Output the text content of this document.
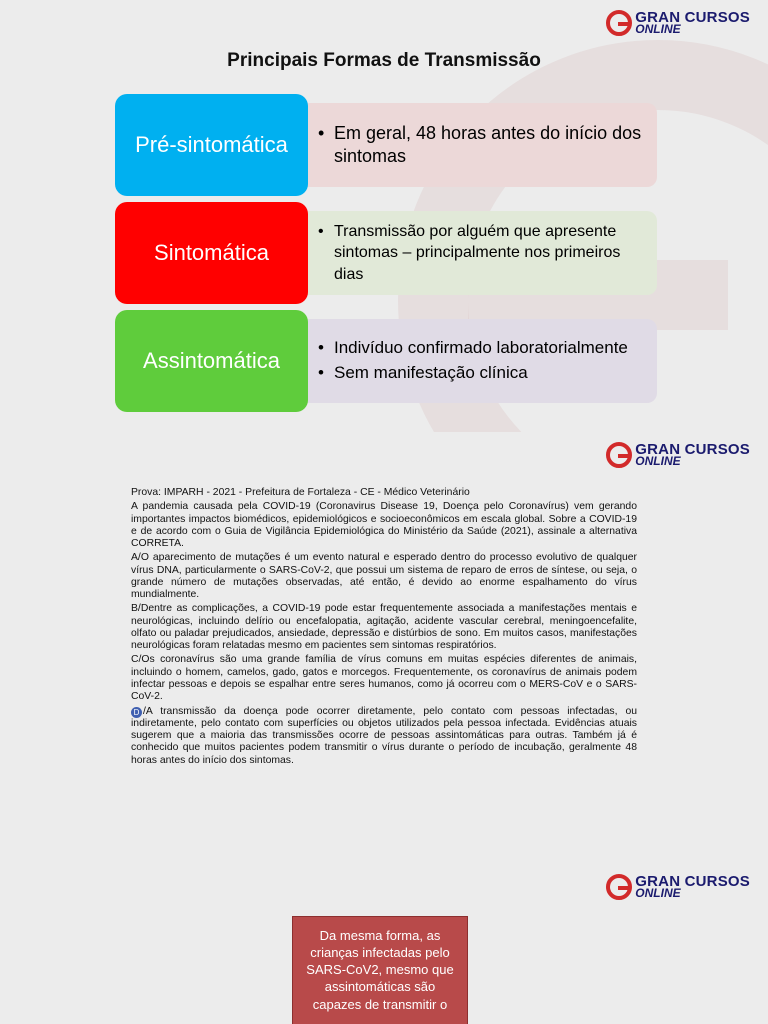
GRAN CURSOS
ONLINE
Principais Formas de Transmissão
Pré-sintomática
•	Em geral, 48 horas antes do início dos sintomas
Sintomática
• Transmissão por alguém que apresente sintomas – principalmente nos primeiros dias
Assintomática
• Indivíduo confirmado laboratorialmente
• Sem manifestação clínica
GRAN CURSOS
ONLINE

Prova: IMPARH - 2021 - Prefeitura de Fortaleza - CE - Médico Veterinário

A pandemia causada pela COVID-19 (Coronavirus Disease 19, Doença pelo Coronavírus) vem gerando importantes impactos biomédicos, epidemiológicos e socioeconômicos em escala global. Sobre a COVID-19 e de acordo com o Guia de Vigilância Epidemiológica do Ministério da Saúde (2021), assinale a alternativa CORRETA.

A/O aparecimento de mutações é um evento natural e esperado dentro do processo evolutivo de qualquer vírus DNA, particularmente o SARS-CoV-2, que possui um sistema de reparo de erros de síntese, ou seja, o grande número de mutações observadas, até então, é devido ao enorme espalhamento do vírus mundialmente.

B/Dentre as complicações, a COVID-19 pode estar frequentemente associada a manifestações mentais e neurológicas, incluindo delírio ou encefalopatia, agitação, acidente vascular cerebral, meningoencefalite, olfato ou paladar prejudicados, ansiedade, depressão e distúrbios de sono. Em muitos casos, manifestações neurológicas foram relatadas mesmo em pacientes sem sintomas respiratórios.

C/Os coronavírus são uma grande família de vírus comuns em muitas espécies diferentes de animais, incluindo o homem, camelos, gado, gatos e morcegos. Frequentemente, os coronavírus de animais podem infectar pessoas e depois se espalhar entre seres humanos, como já ocorreu com o MERS-CoV e o SARS-CoV-2.

D /A transmissão da doença pode ocorrer diretamente, pelo contato com pessoas infectadas, ou indiretamente, pelo contato com superfícies ou objetos utilizados pela pessoa infectada. Evidências atuais sugerem que a maioria das transmissões ocorre de pessoas assintomáticas para outras. Também já é conhecido que muitos pacientes podem transmitir o vírus durante o período de incubação, geralmente 48 horas antes do início dos sintomas.

GRAN CURSOS
ONLINE
Da mesma forma, as crianças infectadas pelo SARS-CoV2, mesmo que assintomáticas são capazes de transmitir o
